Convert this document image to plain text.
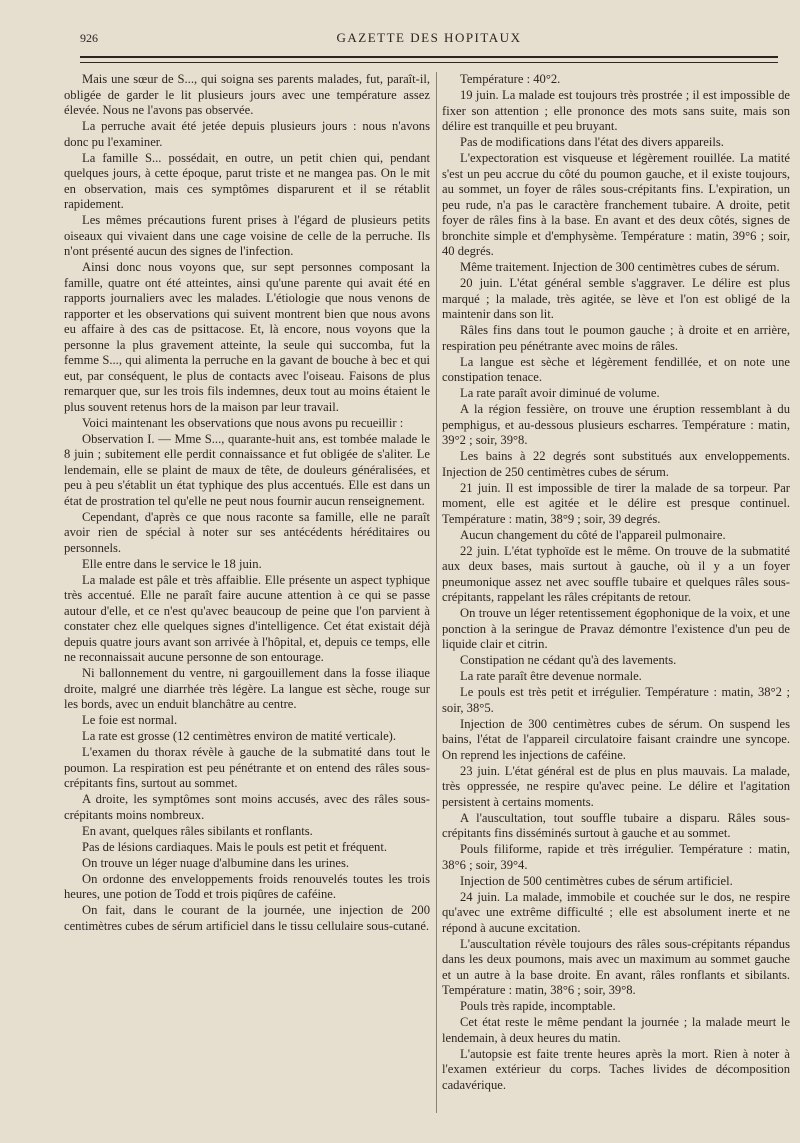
926	GAZETTE DES HOPITAUX

Mais une sœur de S..., qui soigna ses parents malades, fut, paraît-il, obligée de garder le lit plusieurs jours avec une température assez élevée. Nous ne l'avons pas observée.

La perruche avait été jetée depuis plusieurs jours : nous n'avons donc pu l'examiner.

La famille S... possédait, en outre, un petit chien qui, pendant quelques jours, à cette époque, parut triste et ne mangea pas. On le mit en observation, mais ces symptômes disparurent et il se rétablit rapidement.

Les mêmes précautions furent prises à l'égard de plusieurs petits oiseaux qui vivaient dans une cage voisine de celle de la perruche. Ils n'ont présenté aucun des signes de l'infection.

Ainsi donc nous voyons que, sur sept personnes composant la famille, quatre ont été atteintes, ainsi qu'une parente qui avait été en rapports journaliers avec les malades. L'étiologie que nous venons de rapporter et les observations qui suivent montrent bien que nous avons eu affaire à des cas de psittacose. Et, là encore, nous voyons que la personne la plus gravement atteinte, la seule qui succomba, fut la femme S..., qui alimenta la perruche en la gavant de bouche à bec et qui eut, par conséquent, le plus de contacts avec l'oiseau. Faisons de plus remarquer que, sur les trois fils indemnes, deux tout au moins étaient le plus souvent retenus hors de la maison par leur travail.

Voici maintenant les observations que nous avons pu recueillir :

Observation I. — Mme S..., quarante-huit ans, est tombée malade le 8 juin ; subitement elle perdit connaissance et fut obligée de s'aliter. Le lendemain, elle se plaint de maux de tête, de douleurs généralisées, et peu à peu s'établit un état typhique des plus accentués. Elle est dans un état de prostration tel qu'elle ne peut nous fournir aucun renseignement.

Cependant, d'après ce que nous raconte sa famille, elle ne paraît avoir rien de spécial à noter sur ses antécédents héréditaires ou personnels.

Elle entre dans le service le 18 juin.

La malade est pâle et très affaiblie. Elle présente un aspect typhique très accentué. Elle ne paraît faire aucune attention à ce qui se passe autour d'elle, et ce n'est qu'avec beaucoup de peine que l'on parvient à constater chez elle quelques signes d'intelligence. Cet état existait déjà depuis quatre jours avant son arrivée à l'hôpital, et, depuis ce temps, elle ne reconnaissait aucune personne de son entourage.

Ni ballonnement du ventre, ni gargouillement dans la fosse iliaque droite, malgré une diarrhée très légère. La langue est sèche, rouge sur les bords, avec un enduit blanchâtre au centre.

Le foie est normal.

La rate est grosse (12 centimètres environ de matité verticale).

L'examen du thorax révèle à gauche de la submatité dans tout le poumon. La respiration est peu pénétrante et on entend des râles sous-crépitants fins, surtout au sommet.

A droite, les symptômes sont moins accusés, avec des râles sous-crépitants moins nombreux.

En avant, quelques râles sibilants et ronflants.

Pas de lésions cardiaques. Mais le pouls est petit et fréquent.

On trouve un léger nuage d'albumine dans les urines.

On ordonne des enveloppements froids renouvelés toutes les trois heures, une potion de Todd et trois piqûres de caféine.

On fait, dans le courant de la journée, une injection de 200 centimètres cubes de sérum artificiel dans le tissu cellulaire sous-cutané.

Température : 40°2.

19 juin. La malade est toujours très prostrée ; il est impossible de fixer son attention ; elle prononce des mots sans suite, mais son délire est tranquille et peu bruyant.

Pas de modifications dans l'état des divers appareils.

L'expectoration est visqueuse et légèrement rouillée. La matité s'est un peu accrue du côté du poumon gauche, et il existe toujours, au sommet, un foyer de râles sous-crépitants fins. L'expiration, un peu rude, n'a pas le caractère franchement tubaire. A droite, petit foyer de râles fins à la base. En avant et des deux côtés, signes de bronchite simple et d'emphysème. Température : matin, 39°6 ; soir, 40 degrés.

Même traitement. Injection de 300 centimètres cubes de sérum.

20 juin. L'état général semble s'aggraver. Le délire est plus marqué ; la malade, très agitée, se lève et l'on est obligé de la maintenir dans son lit.

Râles fins dans tout le poumon gauche ; à droite et en arrière, respiration peu pénétrante avec moins de râles.

La langue est sèche et légèrement fendillée, et on note une constipation tenace.

La rate paraît avoir diminué de volume.

A la région fessière, on trouve une éruption ressemblant à du pemphigus, et au-dessous plusieurs escharres. Température : matin, 39°2 ; soir, 39°8.

Les bains à 22 degrés sont substitués aux enveloppements. Injection de 250 centimètres cubes de sérum.

21 juin. Il est impossible de tirer la malade de sa torpeur. Par moment, elle est agitée et le délire est presque continuel. Température : matin, 38°9 ; soir, 39 degrés.

Aucun changement du côté de l'appareil pulmonaire.

22 juin. L'état typhoïde est le même. On trouve de la submatité aux deux bases, mais surtout à gauche, où il y a un foyer pneumonique assez net avec souffle tubaire et quelques râles sous-crépitants, rappelant les râles crépitants de retour.

On trouve un léger retentissement égophonique de la voix, et une ponction à la seringue de Pravaz démontre l'existence d'un peu de liquide clair et citrin.

Constipation ne cédant qu'à des lavements.

La rate paraît être devenue normale.

Le pouls est très petit et irrégulier. Température : matin, 38°2 ; soir, 38°5.

Injection de 300 centimètres cubes de sérum. On suspend les bains, l'état de l'appareil circulatoire faisant craindre une syncope. On reprend les injections de caféine.

23 juin. L'état général est de plus en plus mauvais. La malade, très oppressée, ne respire qu'avec peine. Le délire et l'agitation persistent à certains moments.

A l'auscultation, tout souffle tubaire a disparu. Râles sous-crépitants fins disséminés surtout à gauche et au sommet.

Pouls filiforme, rapide et très irrégulier. Température : matin, 38°6 ; soir, 39°4.

Injection de 500 centimètres cubes de sérum artificiel.

24 juin. La malade, immobile et couchée sur le dos, ne respire qu'avec une extrême difficulté ; elle est absolument inerte et ne répond à aucune excitation.

L'auscultation révèle toujours des râles sous-crépitants répandus dans les deux poumons, mais avec un maximum au sommet gauche et un autre à la base droite. En avant, râles ronflants et sibilants. Température : matin, 38°6 ; soir, 39°8.

Pouls très rapide, incomptable.

Cet état reste le même pendant la journée ; la malade meurt le lendemain, à deux heures du matin.

L'autopsie est faite trente heures après la mort. Rien à noter à l'examen extérieur du corps. Taches livides de décomposition cadavérique.
